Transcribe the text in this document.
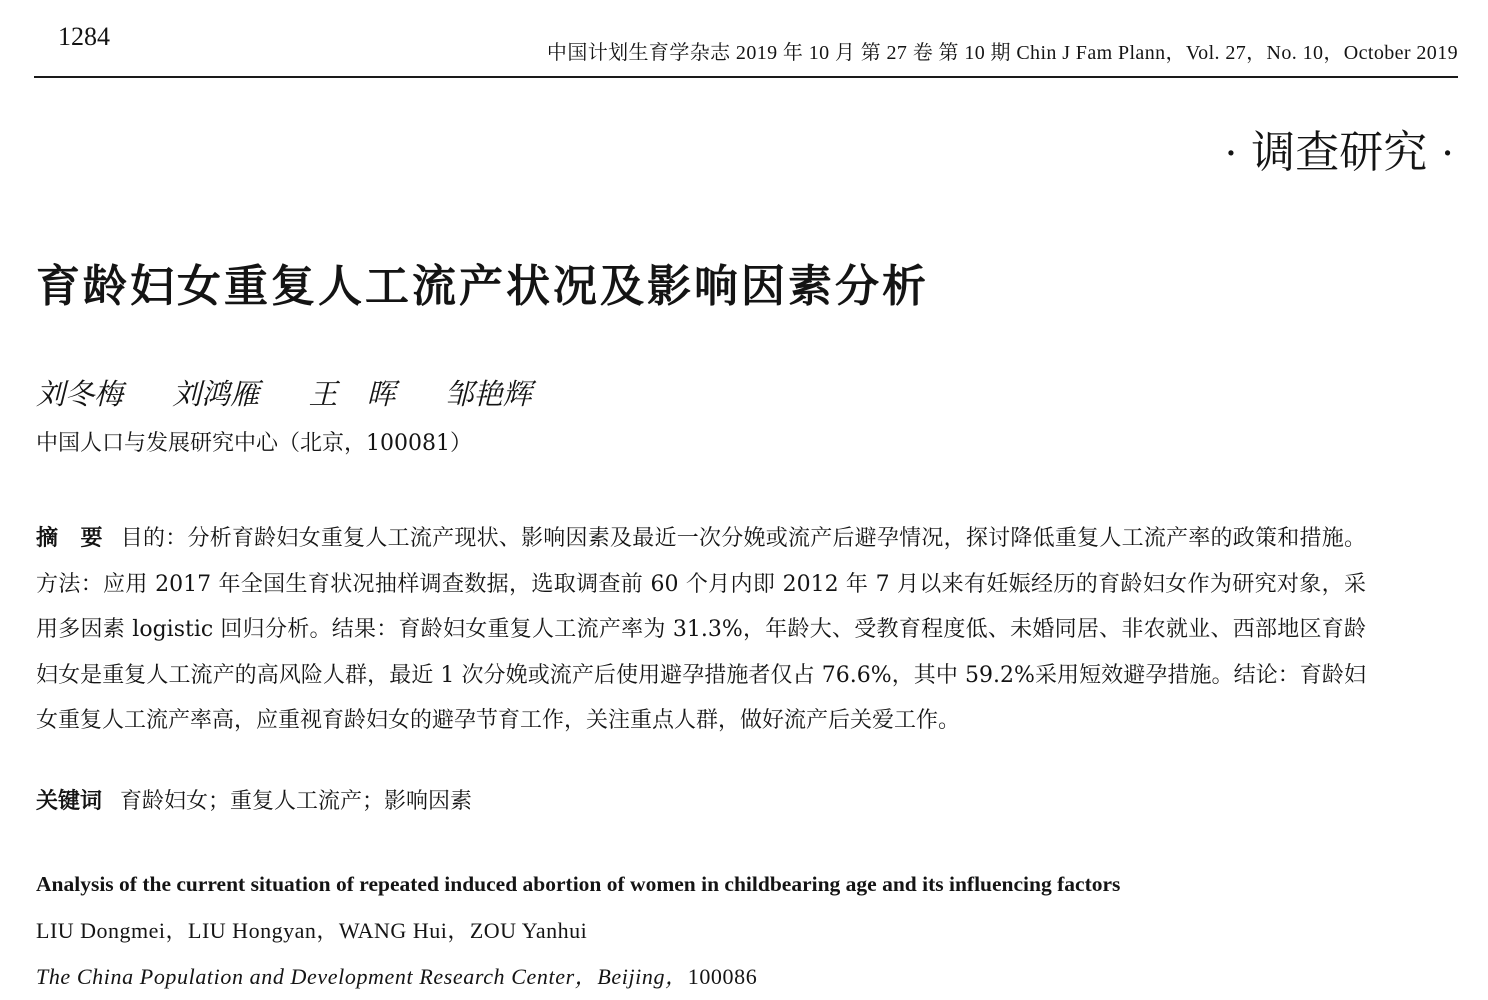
1284
中国计划生育学杂志 2019 年 10 月 第 27 卷 第 10 期 Chin J Fam Plann，Vol. 27，No. 10，October 2019
· 调查研究 ·
育龄妇女重复人工流产状况及影响因素分析
刘冬梅 刘鸿雁 王　晖 邹艳辉
中国人口与发展研究中心（北京，100081）
摘　要 目的：分析育龄妇女重复人工流产现状、影响因素及最近一次分娩或流产后避孕情况，探讨降低重复人工流产率的政策和措施。方法：应用 2017 年全国生育状况抽样调查数据，选取调查前 60 个月内即 2012 年 7 月以来有妊娠经历的育龄妇女作为研究对象，采用多因素 logistic 回归分析。结果：育龄妇女重复人工流产率为 31.3%，年龄大、受教育程度低、未婚同居、非农就业、西部地区育龄妇女是重复人工流产的高风险人群，最近 1 次分娩或流产后使用避孕措施者仅占 76.6%，其中 59.2%采用短效避孕措施。结论：育龄妇女重复人工流产率高，应重视育龄妇女的避孕节育工作，关注重点人群，做好流产后关爱工作。
关键词 育龄妇女；重复人工流产；影响因素
Analysis of the current situation of repeated induced abortion of women in childbearing age and its influencing factors
LIU Dongmei，LIU Hongyan，WANG Hui，ZOU Yanhui
The China Population and Development Research Center，Beijing，100086
